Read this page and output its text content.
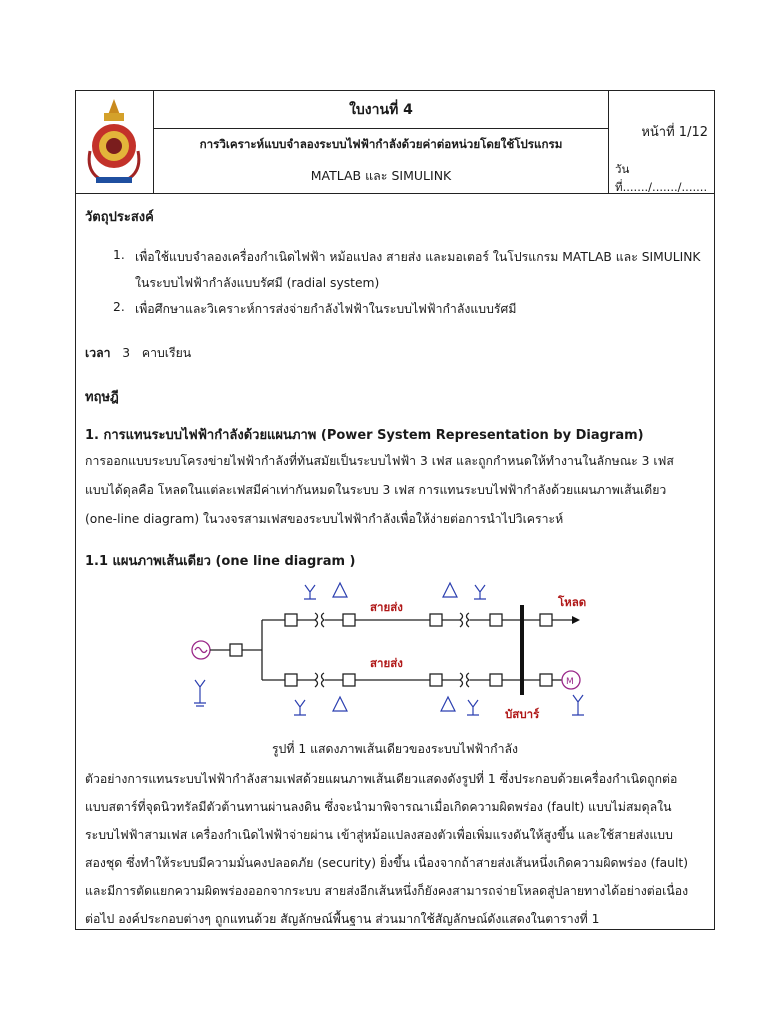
ใบงานที่ 4
การวิเคราะห์แบบจำลองระบบไฟฟ้ากำลังด้วยค่าต่อหน่วยโดยใช้โปรแกรม
MATLAB และ SIMULINK
หน้าที่ 1/12
วันที่......./......./.......
วัตถุประสงค์
1. เพื่อใช้แบบจำลองเครื่องกำเนิดไฟฟ้า หม้อแปลง สายส่ง และมอเตอร์ ในโปรแกรม MATLAB และ SIMULINK
ในระบบไฟฟ้ากำลังแบบรัศมี (radial system)
2. เพื่อศึกษาและวิเคราะห์การส่งจ่ายกำลังไฟฟ้าในระบบไฟฟ้ากำลังแบบรัศมี
เวลา 3 คาบเรียน
ทฤษฎี
1. การแทนระบบไฟฟ้ากำลังด้วยแผนภาพ (Power System Representation by Diagram)
การออกแบบระบบโครงข่ายไฟฟ้ากำลังที่ทันสมัยเป็นระบบไฟฟ้า 3 เฟส และถูกกำหนดให้ทำงานในลักษณะ 3 เฟส
แบบได้ดุลคือ โหลดในแต่ละเฟสมีค่าเท่ากันหมดในระบบ 3 เฟส การแทนระบบไฟฟ้ากำลังด้วยแผนภาพเส้นเดียว
(one-line diagram) ในวงจรสามเฟสของระบบไฟฟ้ากำลังเพื่อให้ง่ายต่อการนำไปวิเคราะห์
1.1 แผนภาพเส้นเดียว (one line diagram )
รูปที่ 1 แสดงภาพเส้นเดียวของระบบไฟฟ้ากำลัง
ตัวอย่างการแทนระบบไฟฟ้ากำลังสามเฟสด้วยแผนภาพเส้นเดียวแสดงดังรูปที่ 1 ซึ่งประกอบด้วยเครื่องกำเนิดถูกต่อ
แบบสตาร์ที่จุดนิวทรัลมีตัวต้านทานผ่านลงดิน ซึ่งจะนำมาพิจารณาเมื่อเกิดความผิดพร่อง (fault) แบบไม่สมดุลใน
ระบบไฟฟ้าสามเฟส เครื่องกำเนิดไฟฟ้าจ่ายผ่าน เข้าสู่หม้อแปลงสองตัวเพื่อเพิ่มแรงดันให้สูงขึ้น และใช้สายส่งแบบ
สองชุด ซึ่งทำให้ระบบมีความมั่นคงปลอดภัย (security) ยิ่งขึ้น เนื่องจากถ้าสายส่งเส้นหนึ่งเกิดความผิดพร่อง (fault)
และมีการตัดแยกความผิดพร่องออกจากระบบ สายส่งอีกเส้นหนึ่งก็ยังคงสามารถจ่ายโหลดสู่ปลายทางได้อย่างต่อเนื่อง
ต่อไป องค์ประกอบต่างๆ ถูกแทนด้วย สัญลักษณ์พื้นฐาน ส่วนมากใช้สัญลักษณ์ดังแสดงในตารางที่ 1
สายส่ง
สายส่ง
โหลด
บัสบาร์
M
